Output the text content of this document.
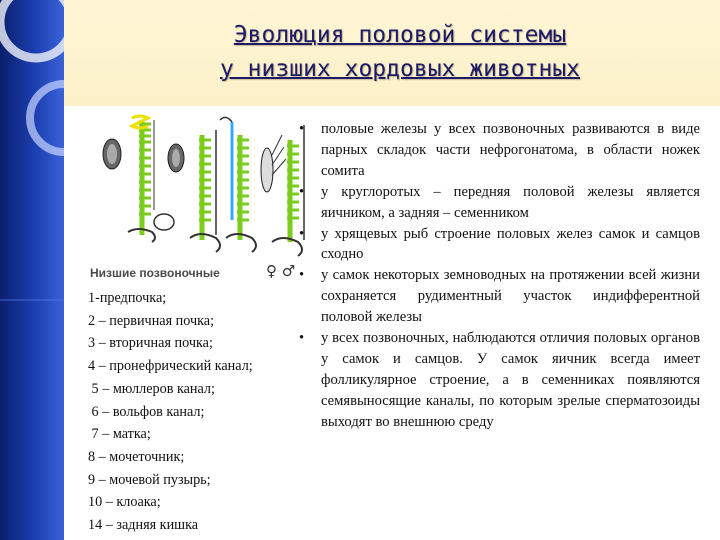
Эволюция половой системы
у низших хордовых животных
Низшие позвоночные	♀ ♂
1-предпочка;
2 – первичная почка;
3 – вторичная почка;
4 – пронефрический канал;
5 – мюллеров канал;
6 – вольфов канал;
7 – матка;
8 – мочеточник;
9 – мочевой пузырь;
10 – клоака;
14 – задняя кишка
• половые железы у всех позвоночных развиваются в виде парных складок части нефрогонатома, в области ножек сомита
• у круглоротых – передняя половой железы является яичником, а задняя – семенником
• у хрящевых рыб строение половых желез самок и самцов сходно
• у самок некоторых земноводных на протяжении всей жизни сохраняется рудиментный участок индифферентной половой железы
• у всех позвоночных, наблюдаются отличия половых органов у самок и самцов. У самок яичник всегда имеет фолликулярное строение, а в семенниках появляются семявыносящие каналы, по которым зрелые сперматозоиды выходят во внешнюю среду
